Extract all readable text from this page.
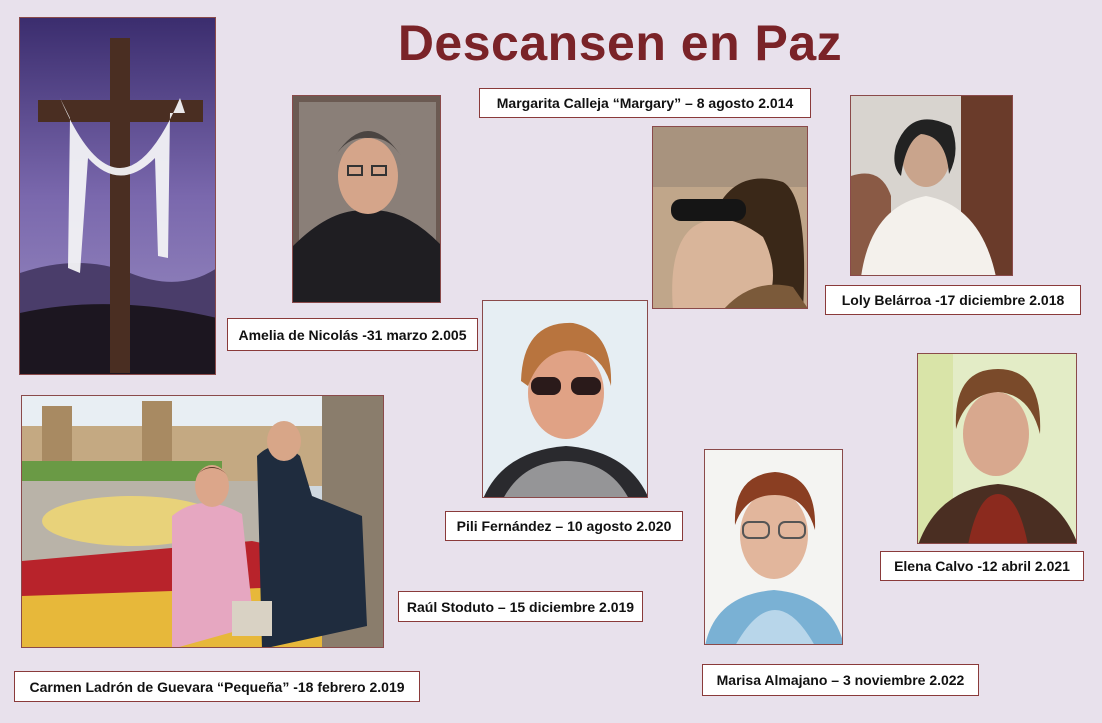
Descansen en Paz
Amelia de Nicolás -31 marzo 2.005
Margarita Calleja “Margary” – 8 agosto 2.014
Loly Belárroa -17 diciembre 2.018
Pili Fernández – 10 agosto 2.020
Elena Calvo -12 abril 2.021
Raúl Stoduto – 15 diciembre 2.019
Carmen Ladrón de Guevara “Pequeña” -18 febrero 2.019	Marisa Almajano – 3 noviembre 2.022
